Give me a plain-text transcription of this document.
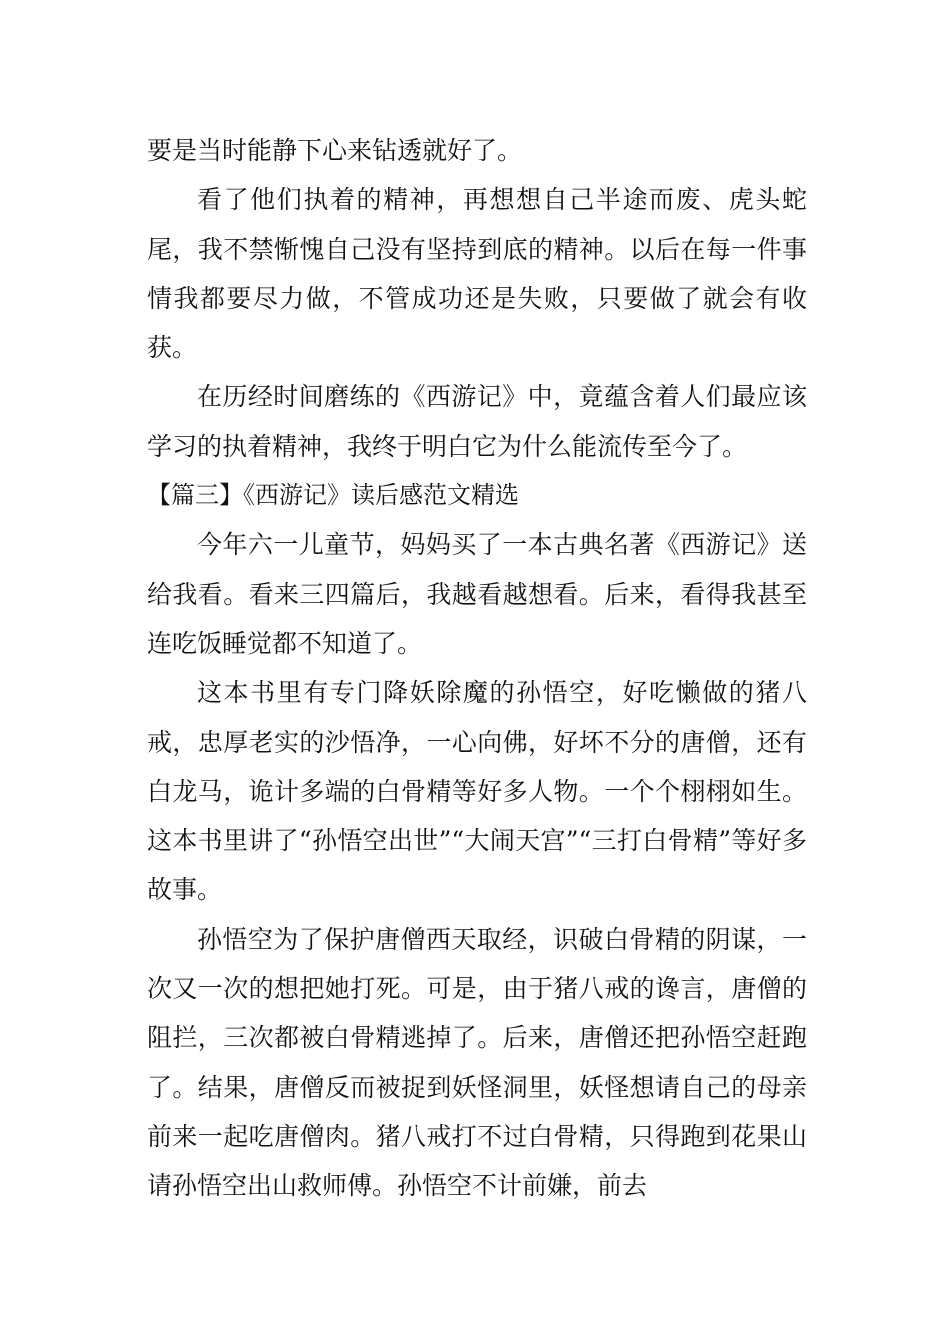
要是当时能静下心来钻透就好了。

看了他们执着的精神，再想想自己半途而废、虎头蛇尾，我不禁惭愧自己没有坚持到底的精神。以后在每一件事情我都要尽力做，不管成功还是失败，只要做了就会有收获。

在历经时间磨练的《西游记》中，竟蕴含着人们最应该学习的执着精神，我终于明白它为什么能流传至今了。

【篇三】《西游记》读后感范文精选

今年六一儿童节，妈妈买了一本古典名著《西游记》送给我看。看来三四篇后，我越看越想看。后来，看得我甚至连吃饭睡觉都不知道了。

这本书里有专门降妖除魔的孙悟空，好吃懒做的猪八戒，忠厚老实的沙悟净，一心向佛，好坏不分的唐僧，还有白龙马，诡计多端的白骨精等好多人物。一个个栩栩如生。这本书里讲了“孙悟空出世”“大闹天宫”“三打白骨精”等好多故事。

孙悟空为了保护唐僧西天取经，识破白骨精的阴谋，一次又一次的想把她打死。可是，由于猪八戒的谗言，唐僧的阻拦，三次都被白骨精逃掉了。后来，唐僧还把孙悟空赶跑了。结果，唐僧反而被捉到妖怪洞里，妖怪想请自己的母亲前来一起吃唐僧肉。猪八戒打不过白骨精，只得跑到花果山请孙悟空出山救师傅。孙悟空不计前嫌，前去
